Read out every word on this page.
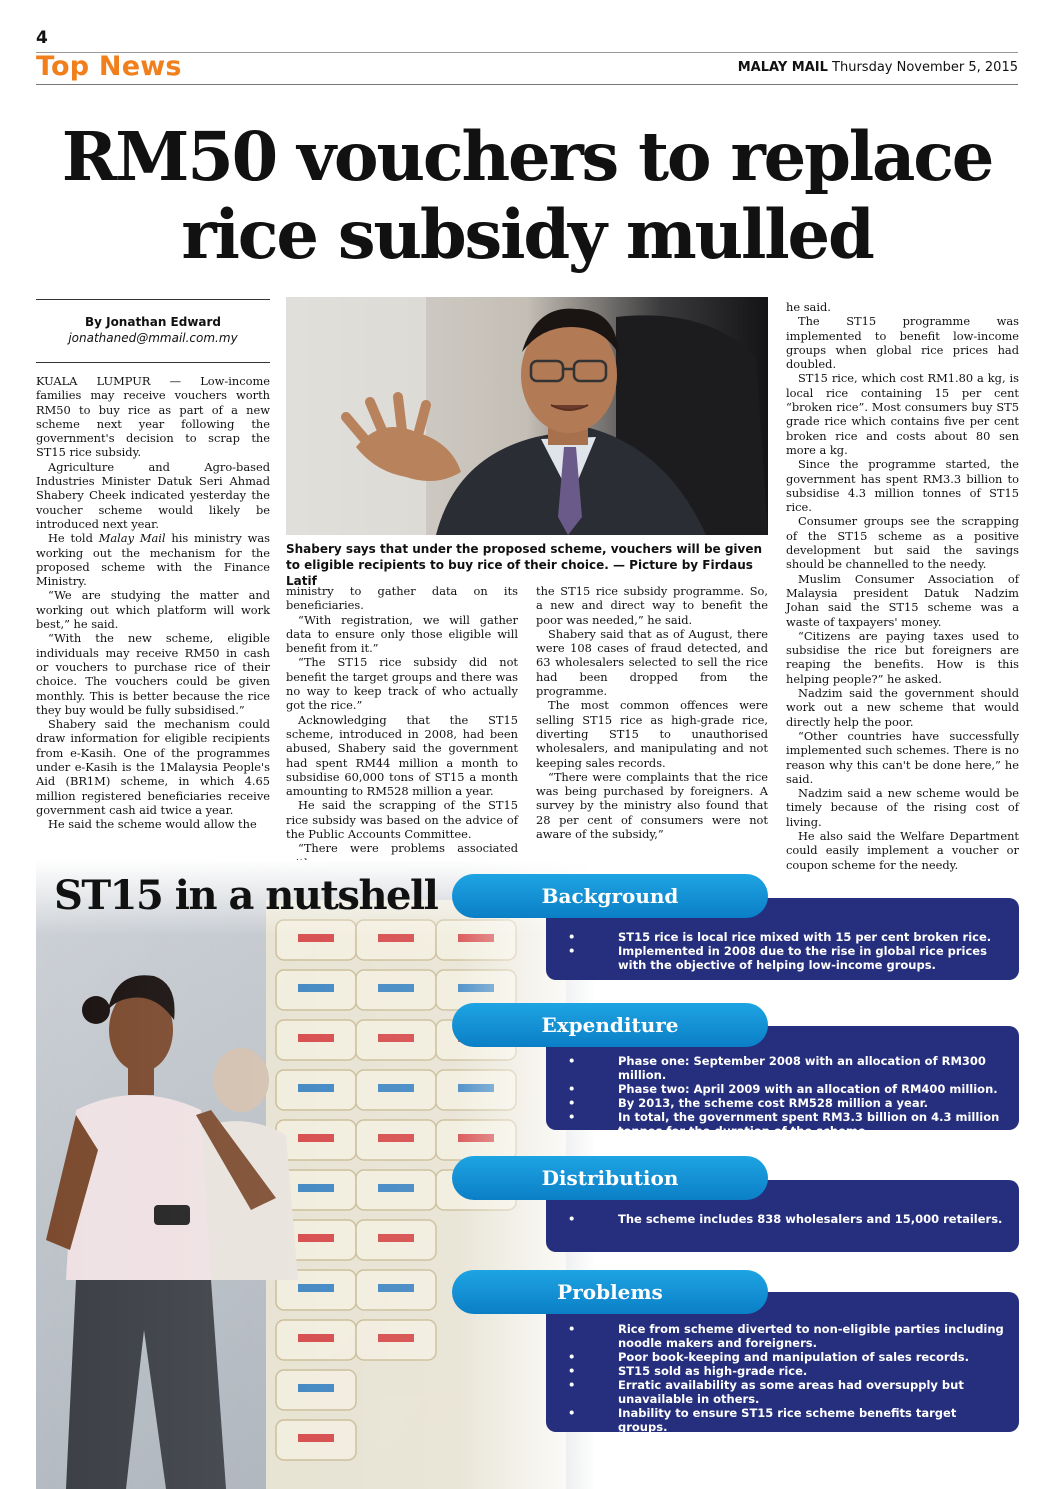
4
Top News	MALAY MAIL Thursday November 5, 2015
RM50 vouchers to replace rice subsidy mulled
By Jonathan Edward
jonathaned@mmail.com.my
Shabery says that under the proposed scheme, vouchers will be given to eligible recipients to buy rice of their choice. — Picture by Firdaus Latif

KUALA LUMPUR — Low-income families may receive vouchers worth RM50 to buy rice as part of a new scheme next year following the government's decision to scrap the ST15 rice subsidy.

Agriculture and Agro-based Industries Minister Datuk Seri Ahmad Shabery Cheek indicated yesterday the voucher scheme would likely be introduced next year.

He told Malay Mail his ministry was working out the mechanism for the proposed scheme with the Finance Ministry.

“We are studying the matter and working out which platform will work best,” he said.

“With the new scheme, eligible individuals may receive RM50 in cash or vouchers to purchase rice of their choice. The vouchers could be given monthly. This is better because the rice they buy would be fully subsidised.”

Shabery said the mechanism could draw information for eligible recipients from e-Kasih. One of the programmes under e-Kasih is the 1Malaysia People's Aid (BR1M) scheme, in which 4.65 million registered beneficiaries receive government cash aid twice a year.

He said the scheme would allow the

ministry to gather data on its beneficiaries.

“With registration, we will gather data to ensure only those eligible will benefit from it.”

“The ST15 rice subsidy did not benefit the target groups and there was no way to keep track of who actually got the rice.”

Acknowledging that the ST15 scheme, introduced in 2008, had been abused, Shabery said the government had spent RM44 million a month to subsidise 60,000 tons of ST15 a month amounting to RM528 million a year.

He said the scrapping of the ST15 rice subsidy was based on the advice of the Public Accounts Committee.

“There were problems associated

the ST15 rice subsidy programme. So, a new and direct way to benefit the poor was needed,” he said.

Shabery said that as of August, there were 108 cases of fraud detected, and 63 wholesalers selected to sell the rice had been dropped from the programme.

The most common offences were selling ST15 rice as high-grade rice, diverting ST15 to unauthorised wholesalers, and manipulating and not keeping sales records.

“There were complaints that the rice was being purchased by foreigners. A survey by the ministry also found that 28 per cent of consumers were not aware of the subsidy,”

he said.

The ST15 programme was implemented to benefit low-income groups when global rice prices had doubled.

ST15 rice, which cost RM1.80 a kg, is local rice containing 15 per cent “broken rice”. Most consumers buy ST5 grade rice which contains five per cent broken rice and costs about 80 sen more a kg.

Since the programme started, the government has spent RM3.3 billion to subsidise 4.3 million tonnes of ST15 rice.

Consumer groups see the scrapping of the ST15 scheme as a positive development but said the savings should be channelled to the needy.

Muslim Consumer Association of Malaysia president Datuk Nadzim Johan said the ST15 scheme was a waste of taxpayers' money.

“Citizens are paying taxes used to subsidise the rice but foreigners are reaping the benefits. How is this helping people?” he asked.

Nadzim said the government should work out a new scheme that would directly help the poor.

“Other countries have successfully implemented such schemes. There is no reason why this can't be done here,” he said.

Nadzim said a new scheme would be timely because of the rising cost of living.

He also said the Welfare Department could easily implement a voucher or coupon scheme for the needy.

ST15 in a nutshell
•	ST15 rice is local rice mixed with 15 per cent broken rice.
•	Implemented in 2008 due to the rise in global rice prices with the objective of helping low-income groups.
Background
•	Phase one: September 2008 with an allocation of RM300 million.
•	Phase two: April 2009 with an allocation of RM400 million.
•	By 2013, the scheme cost RM528 million a year.
•	In total, the government spent RM3.3 billion on 4.3 million tonnes for the duration of the scheme.
Expenditure
•	The scheme includes 838 wholesalers and 15,000 retailers.
Distribution
•	Rice from scheme diverted to non-eligible parties including noodle makers and foreigners.
•	Poor book-keeping and manipulation of sales records.
•	ST15 sold as high-grade rice.
•	Erratic availability as some areas had oversupply but unavailable in others.
•	Inability to ensure ST15 rice scheme benefits target groups.
Problems
